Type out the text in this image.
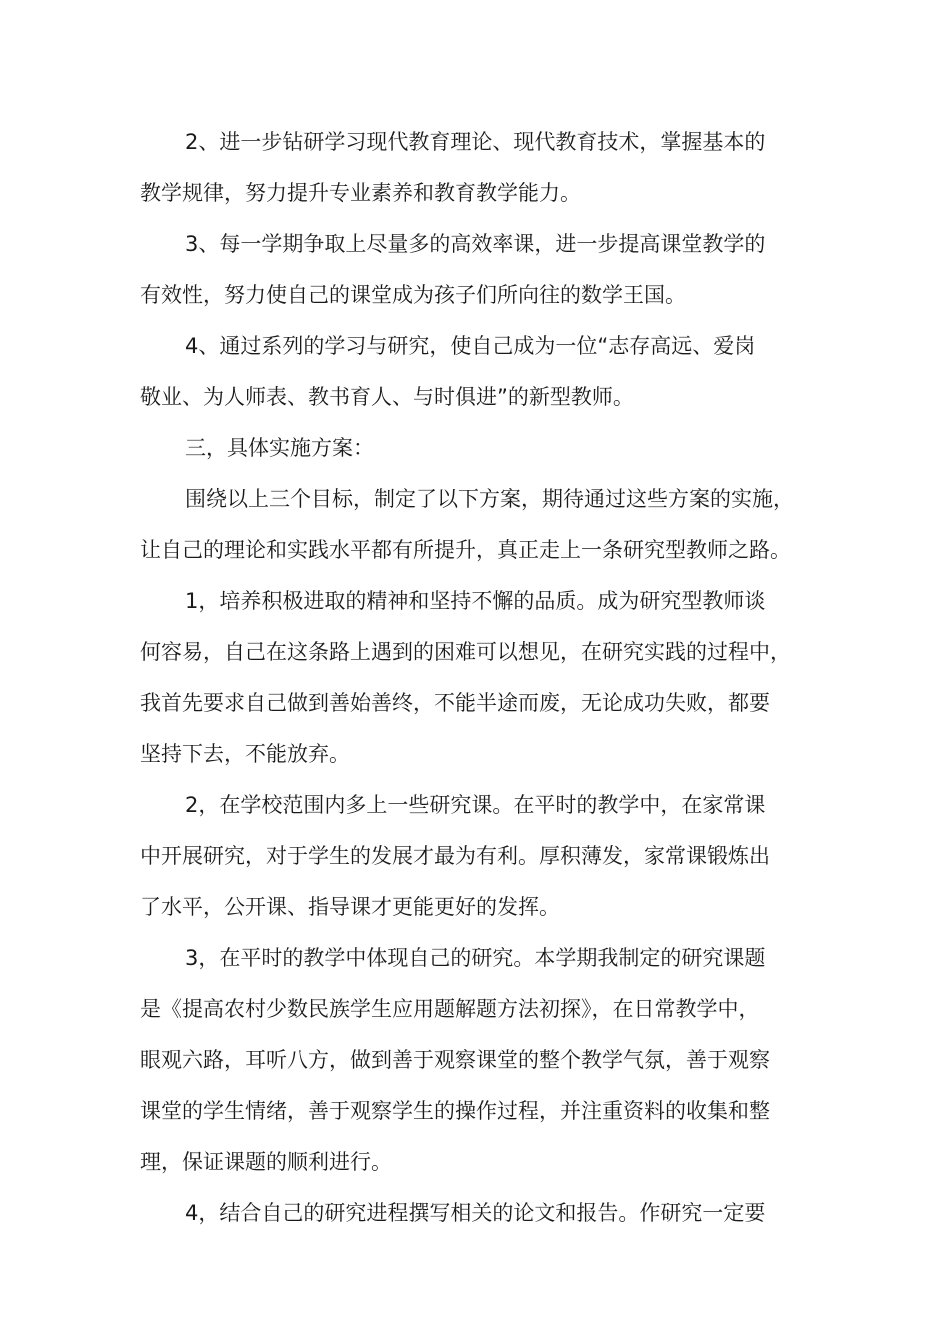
2、进一步钻研学习现代教育理论、现代教育技术，掌握基本的
教学规律，努力提升专业素养和教育教学能力。
3、每一学期争取上尽量多的高效率课，进一步提高课堂教学的
有效性，努力使自己的课堂成为孩子们所向往的数学王国。
4、通过系列的学习与研究，使自己成为一位“志存高远、爱岗
敬业、为人师表、教书育人、与时俱进”的新型教师。
三，具体实施方案：
围绕以上三个目标，制定了以下方案，期待通过这些方案的实施，
让自己的理论和实践水平都有所提升，真正走上一条研究型教师之路。
1，培养积极进取的精神和坚持不懈的品质。成为研究型教师谈
何容易，自己在这条路上遇到的困难可以想见，在研究实践的过程中，
我首先要求自己做到善始善终，不能半途而废，无论成功失败，都要
坚持下去，不能放弃。
2，在学校范围内多上一些研究课。在平时的教学中，在家常课
中开展研究，对于学生的发展才最为有利。厚积薄发，家常课锻炼出
了水平，公开课、指导课才更能更好的发挥。
3，在平时的教学中体现自己的研究。本学期我制定的研究课题
是《提高农村少数民族学生应用题解题方法初探》，在日常教学中，
眼观六路，耳听八方，做到善于观察课堂的整个教学气氛，善于观察
课堂的学生情绪，善于观察学生的操作过程，并注重资料的收集和整
理，保证课题的顺利进行。
4，结合自己的研究进程撰写相关的论文和报告。作研究一定要
